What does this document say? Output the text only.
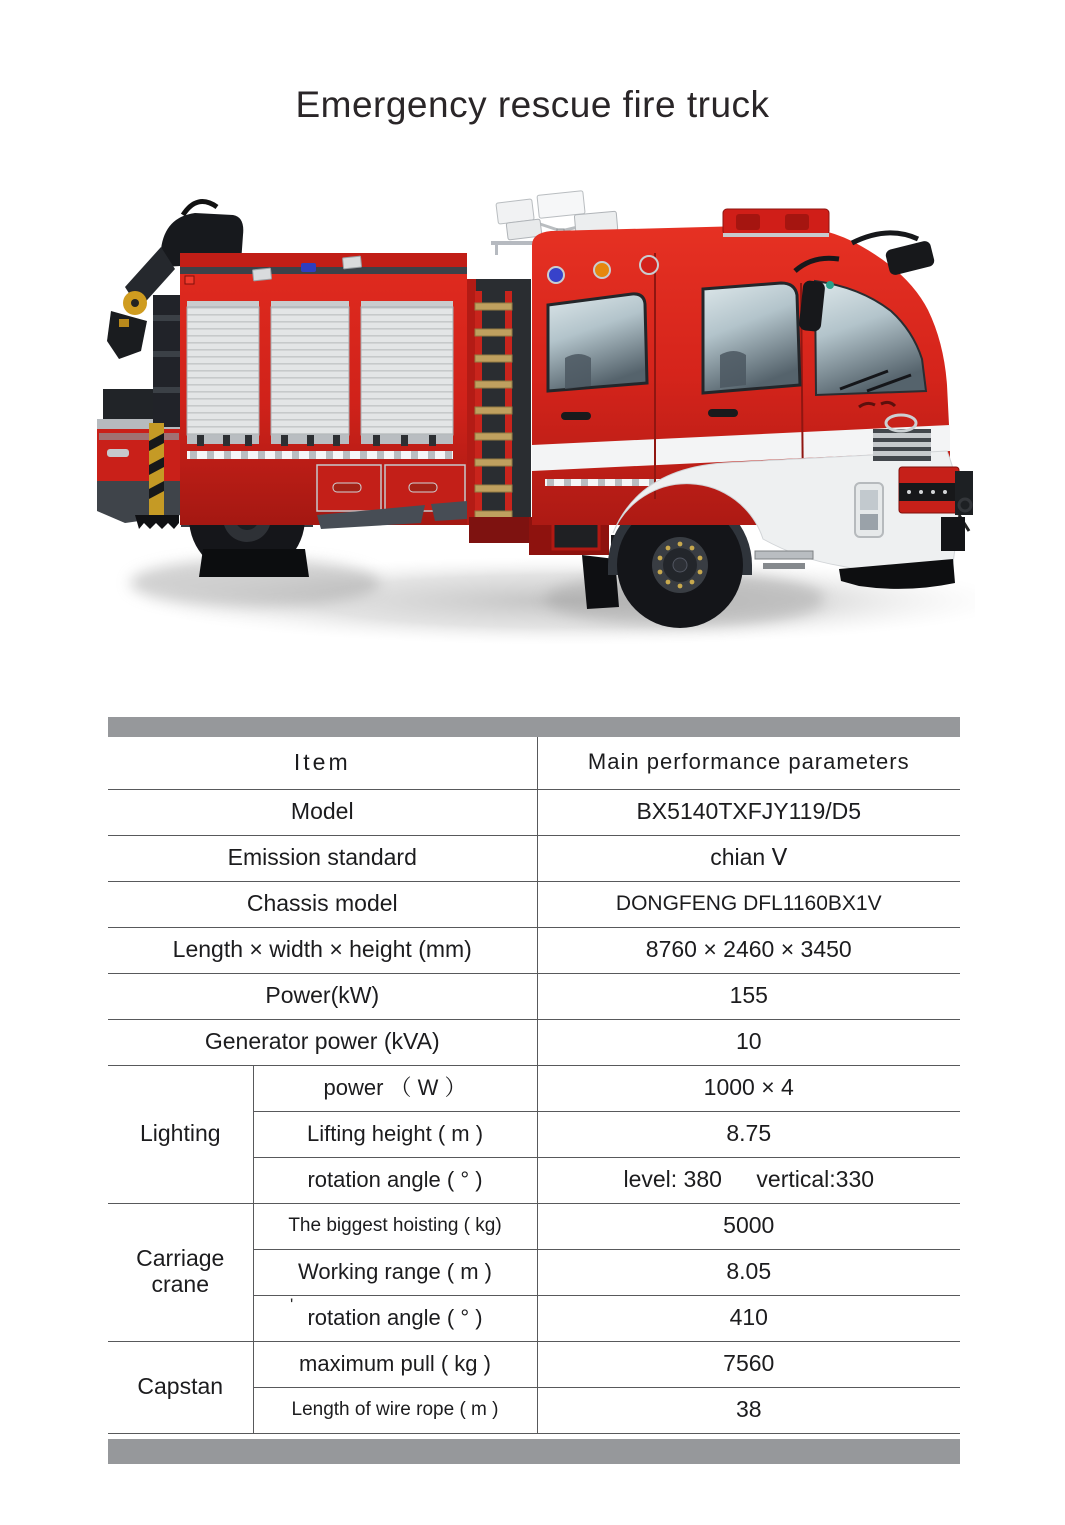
Emergency rescue fire truck
'
Item		Main performance parameters
Model		BX5140TXFJY119/D5
Emission standard		chian Ⅴ
Chassis model		DONGFENG DFL1160BX1V
Length × width × height (mm)		8760 × 2460 × 3450
Power(kW)		155
Generator power (kVA)		10
Lighting	power （ W ）	1000 × 4
	Lifting height ( m )	8.75
	rotation angle ( ° )	level: 380  vertical:330
Carriage crane	The biggest hoisting ( kg)	5000
	Working range ( m )	8.05
	rotation angle ( ° )	410
Capstan	maximum pull ( kg )	7560
	Length of wire rope ( m )	38
